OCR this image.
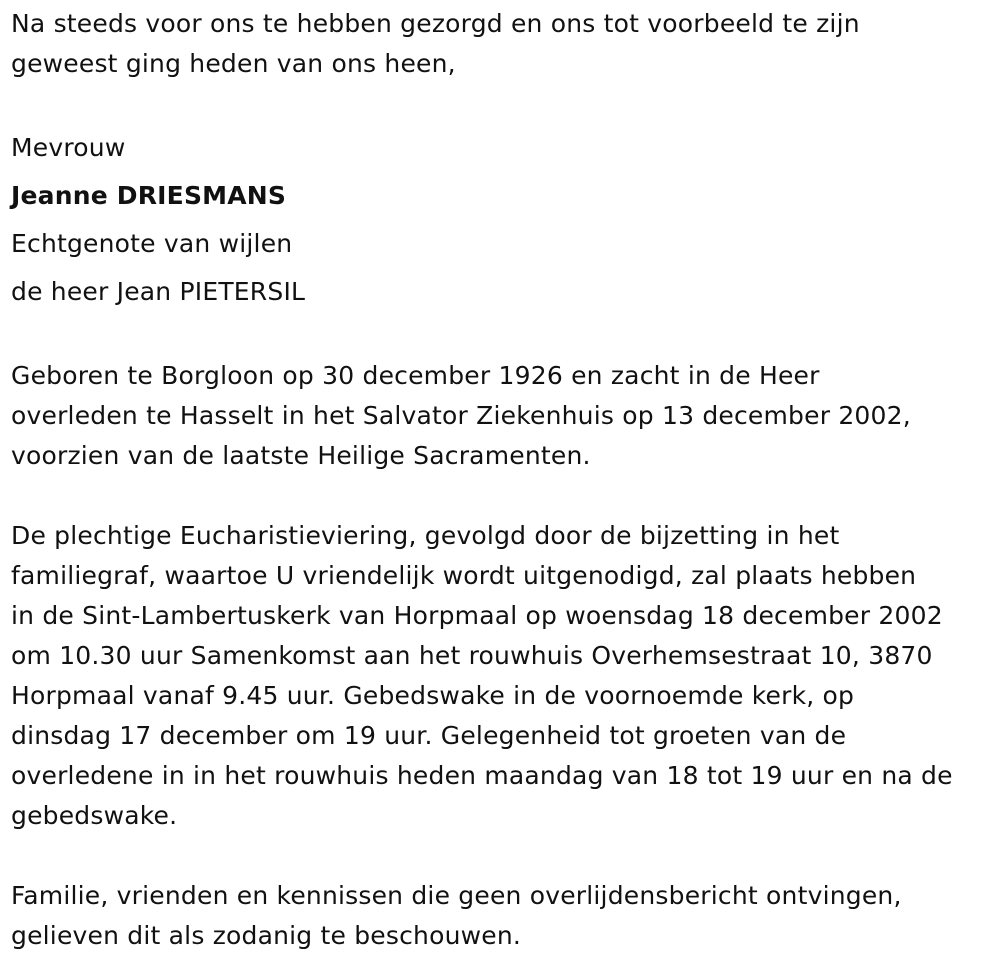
Na steeds voor ons te hebben gezorgd en ons tot voorbeeld te zijn
geweest ging heden van ons heen,

Mevrouw
Jeanne DRIESMANS
Echtgenote van wijlen
de heer Jean PIETERSIL

Geboren te Borgloon op 30 december 1926 en zacht in de Heer
overleden te Hasselt in het Salvator Ziekenhuis op 13 december 2002,
voorzien van de laatste Heilige Sacramenten.

De plechtige Eucharistieviering, gevolgd door de bijzetting in het
familiegraf, waartoe U vriendelijk wordt uitgenodigd, zal plaats hebben
in de Sint-Lambertuskerk van Horpmaal op woensdag 18 december 2002
om 10.30 uur Samenkomst aan het rouwhuis Overhemsestraat 10, 3870
Horpmaal vanaf 9.45 uur. Gebedswake in de voornoemde kerk, op
dinsdag 17 december om 19 uur. Gelegenheid tot groeten van de
overledene in in het rouwhuis heden maandag van 18 tot 19 uur en na de
gebedswake.

Familie, vrienden en kennissen die geen overlijdensbericht ontvingen,
gelieven dit als zodanig te beschouwen.
